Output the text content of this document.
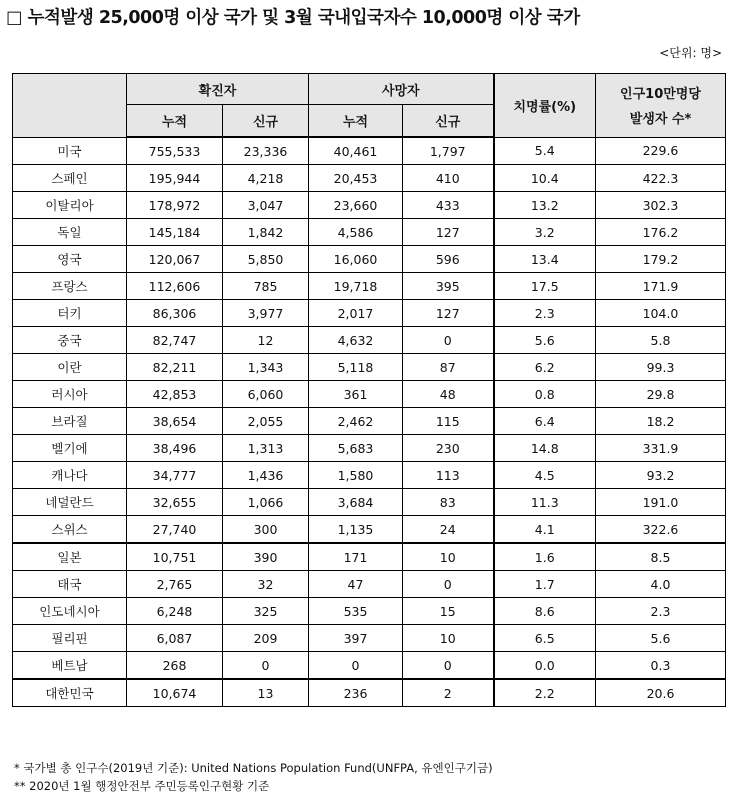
□ 누적발생 25,000명 이상 국가 및 3월 국내입국자수 10,000명 이상 국가
<단위: 명>
	확진자		사망자		치명률(%)	인구10만명당
발생자 수*

	누적	신규	누적	신규		
미국	755,533	23,336	40,461	1,797	5.4	229.6
스페인	195,944	4,218	20,453	410	10.4	422.3
이탈리아	178,972	3,047	23,660	433	13.2	302.3
독일	145,184	1,842	4,586	127	3.2	176.2
영국	120,067	5,850	16,060	596	13.4	179.2
프랑스	112,606	785	19,718	395	17.5	171.9
터키	86,306	3,977	2,017	127	2.3	104.0
중국	82,747	12	4,632	0	5.6	5.8
이란	82,211	1,343	5,118	87	6.2	99.3
러시아	42,853	6,060	361	48	0.8	29.8
브라질	38,654	2,055	2,462	115	6.4	18.2
벨기에	38,496	1,313	5,683	230	14.8	331.9
캐나다	34,777	1,436	1,580	113	4.5	93.2
네덜란드	32,655	1,066	3,684	83	11.3	191.0
스위스	27,740	300	1,135	24	4.1	322.6
일본	10,751	390	171	10	1.6	8.5
태국	2,765	32	47	0	1.7	4.0
인도네시아	6,248	325	535	15	8.6	2.3
필리핀	6,087	209	397	10	6.5	5.6
베트남	268	0	0	0	0.0	0.3
대한민국	10,674	13	236	2	2.2	20.6
* 국가별 총 인구수(2019년 기준): United Nations Population Fund(UNFPA, 유엔인구기금)
** 2020년 1월 행정안전부 주민등록인구현황 기준
